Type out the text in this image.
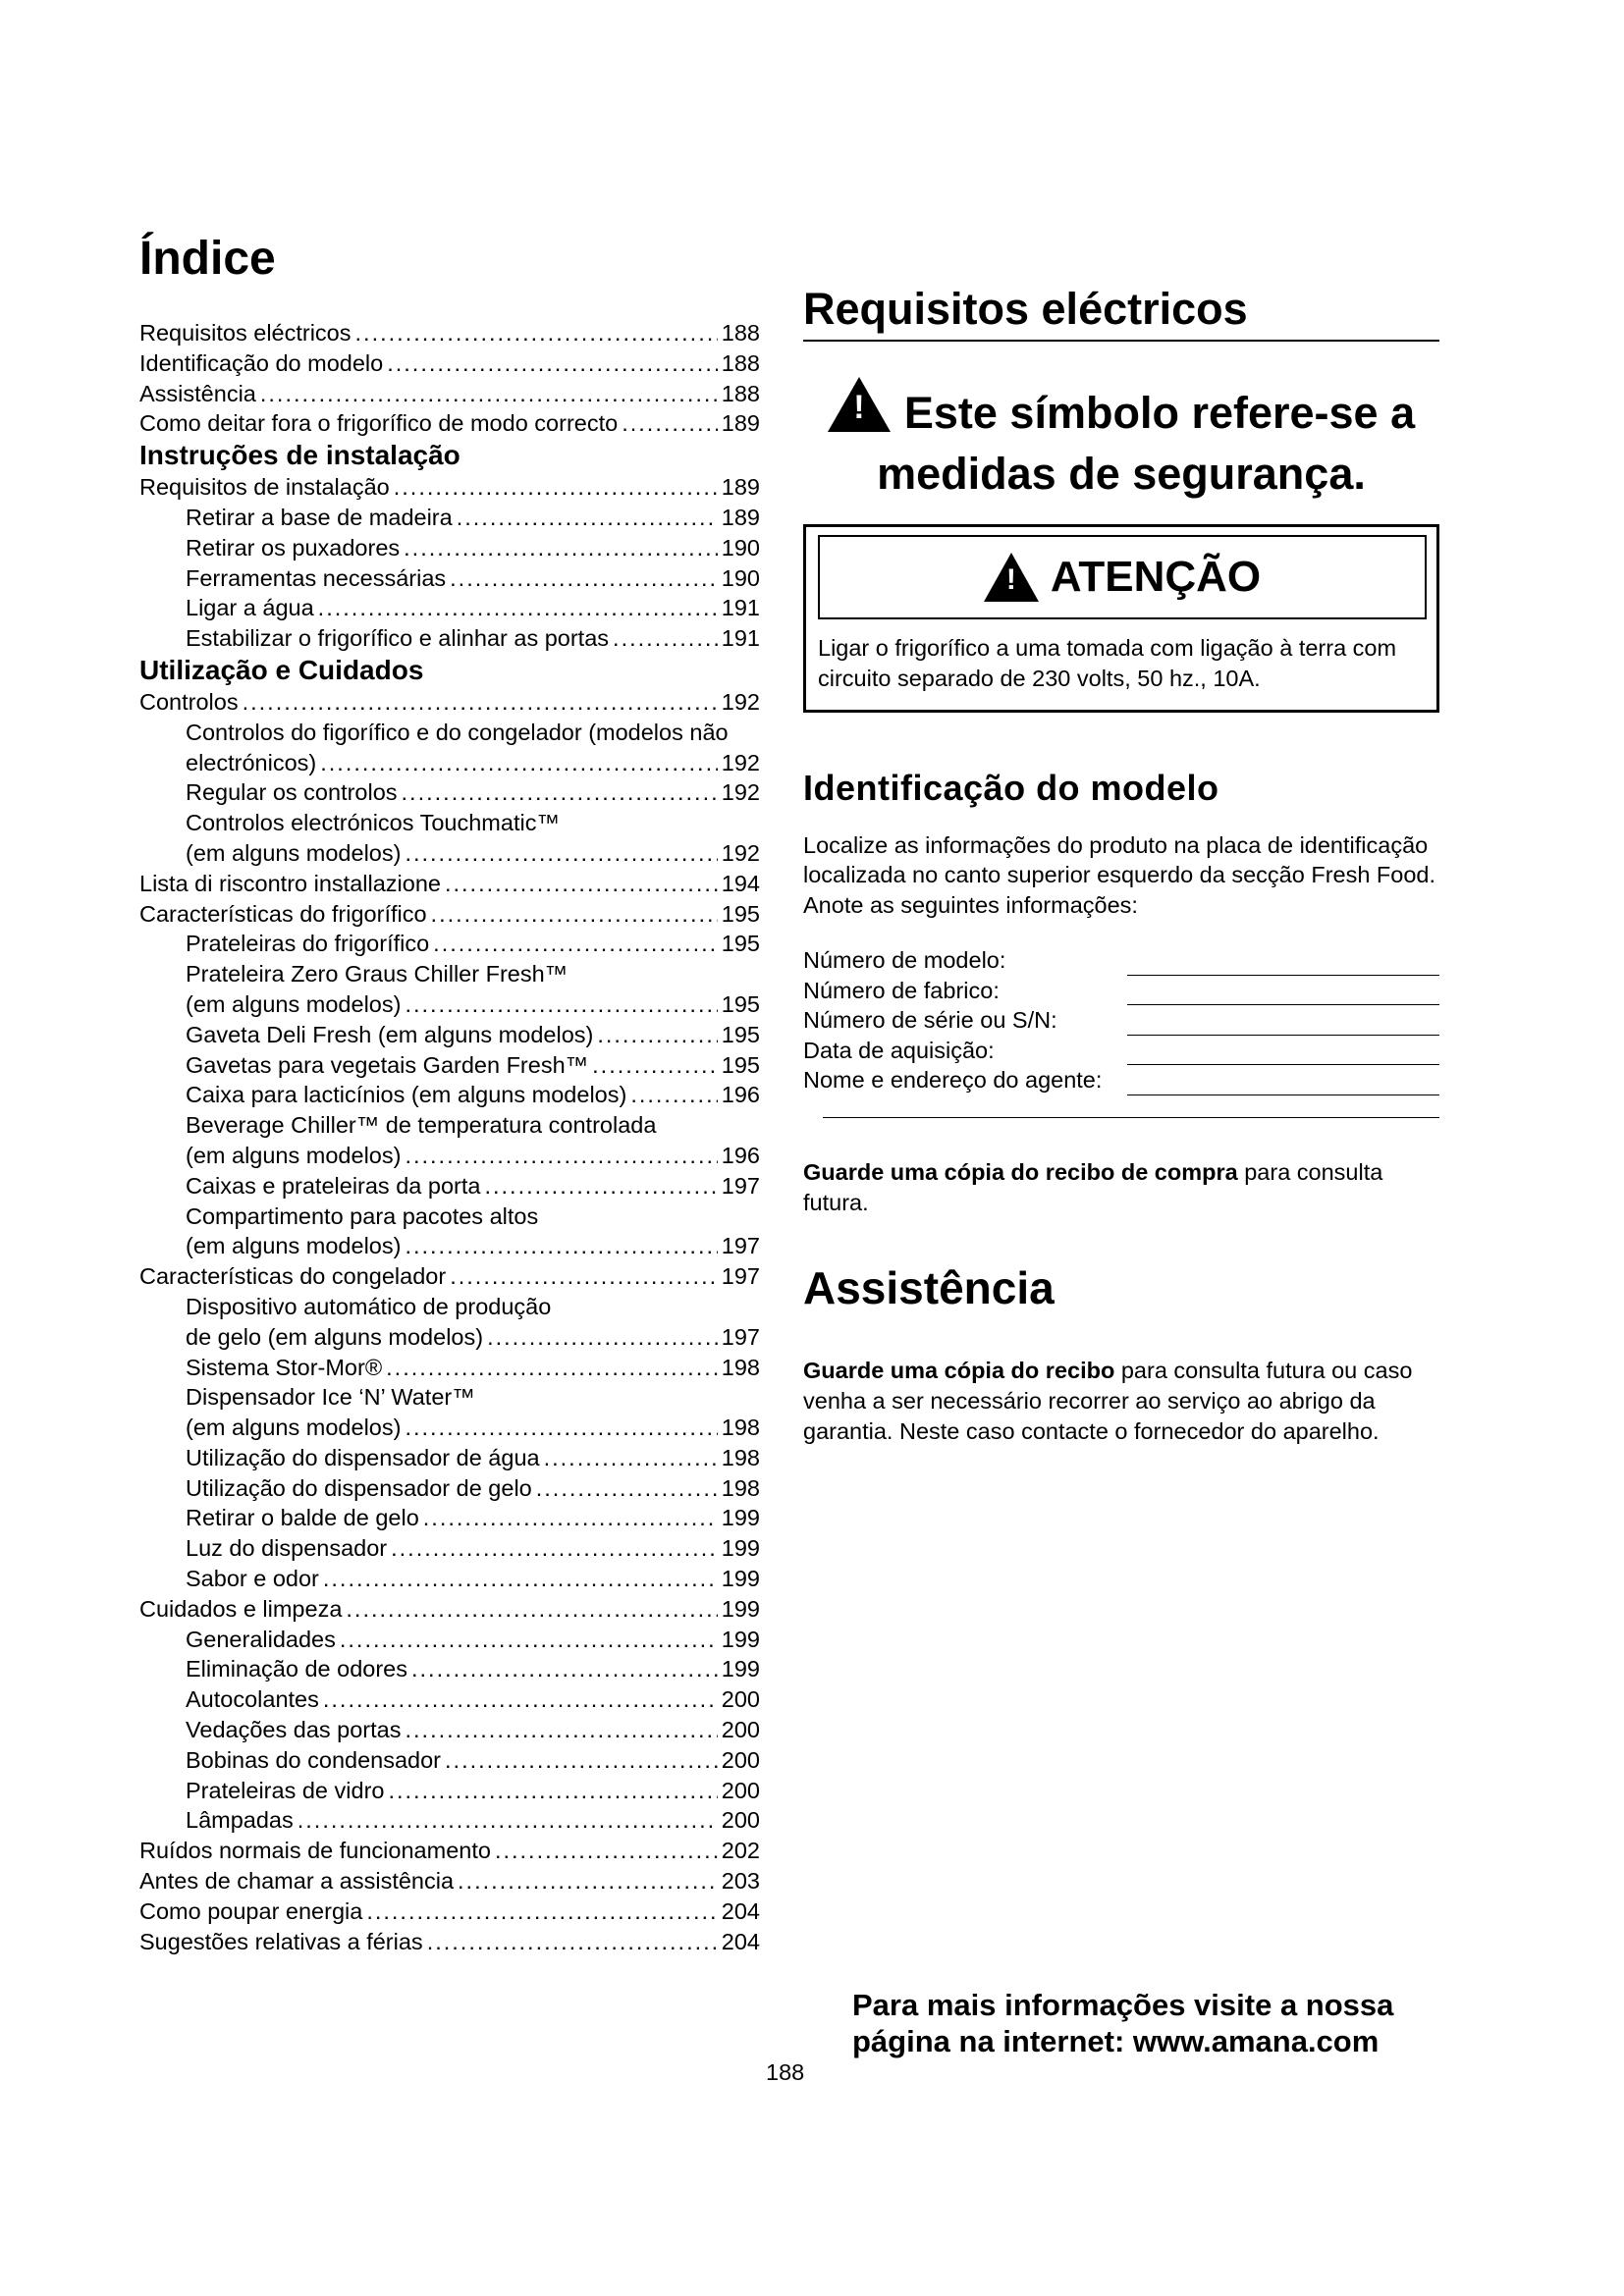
Índice
Requisitos eléctricos .....	188
Identificação do modelo .....	188
Assistência .....	188
Como deitar fora o frigorífico de modo correcto .....	189
Instruções de instalação
Requisitos de instalação .....	189
Retirar a base de madeira .....	189
Retirar os puxadores .....	190
Ferramentas necessárias .....	190
Ligar a água .....	191
Estabilizar o frigorífico e alinhar as portas .....	191
Utilização e Cuidados
Controlos .....	192
Controlos do figorífico e do congelador (modelos não
electrónicos) .....	192
Regular os controlos .....	192
Controlos electrónicos Touchmatic™
(em alguns modelos) .....	192
Lista di riscontro installazione .....	194
Características do frigorífico .....	195
Prateleiras do frigorífico .....	195
Prateleira Zero Graus Chiller Fresh™
(em alguns modelos) .....	195
Gaveta Deli Fresh (em alguns modelos) .....	195
Gavetas para vegetais Garden Fresh™ .....	195
Caixa para lacticínios (em alguns modelos) .....	196
Beverage Chiller™ de temperatura controlada
(em alguns modelos) .....	196
Caixas e prateleiras da porta .....	197
Compartimento para pacotes altos
(em alguns modelos) .....	197
Características do congelador .....	197
Dispositivo automático de produção
de gelo (em alguns modelos) .....	197
Sistema Stor-Mor® .....	198
Dispensador Ice ‘N’ Water™
(em alguns modelos) .....	198
Utilização do dispensador de água .....	198
Utilização do dispensador de gelo .....	198
Retirar o balde de gelo .....	199
Luz do dispensador .....	199
Sabor e odor .....	199
Cuidados e limpeza .....	199
Generalidades .....	199
Eliminação de odores .....	199
Autocolantes .....	200
Vedações das portas .....	200
Bobinas do condensador .....	200
Prateleiras de vidro .....	200
Lâmpadas .....	200
Ruídos normais de funcionamento .....	202
Antes de chamar a assistência .....	203
Como poupar energia .....	204
Sugestões relativas a férias .....	204
Requisitos eléctricos
! Este símbolo refere-se a medidas de segurança.
! ATENÇÃO

Ligar o frigorífico a uma tomada com ligação à terra com circuito separado de 230 volts, 50 hz., 10A.

Identificação do modelo

Localize as informações do produto na placa de identificação localizada no canto superior esquerdo da secção Fresh Food. Anote as seguintes informações:

Número de modelo:
Número de fabrico:
Número de série ou S/N:
Data de aquisição:
Nome e endereço do agente:

Guarde uma cópia do recibo de compra para consulta futura.

Assistência

Guarde uma cópia do recibo para consulta futura ou caso venha a ser necessário recorrer ao serviço ao abrigo da garantia. Neste caso contacte o fornecedor do aparelho.

Para mais informações visite a nossa página na internet: www.amana.com
188
